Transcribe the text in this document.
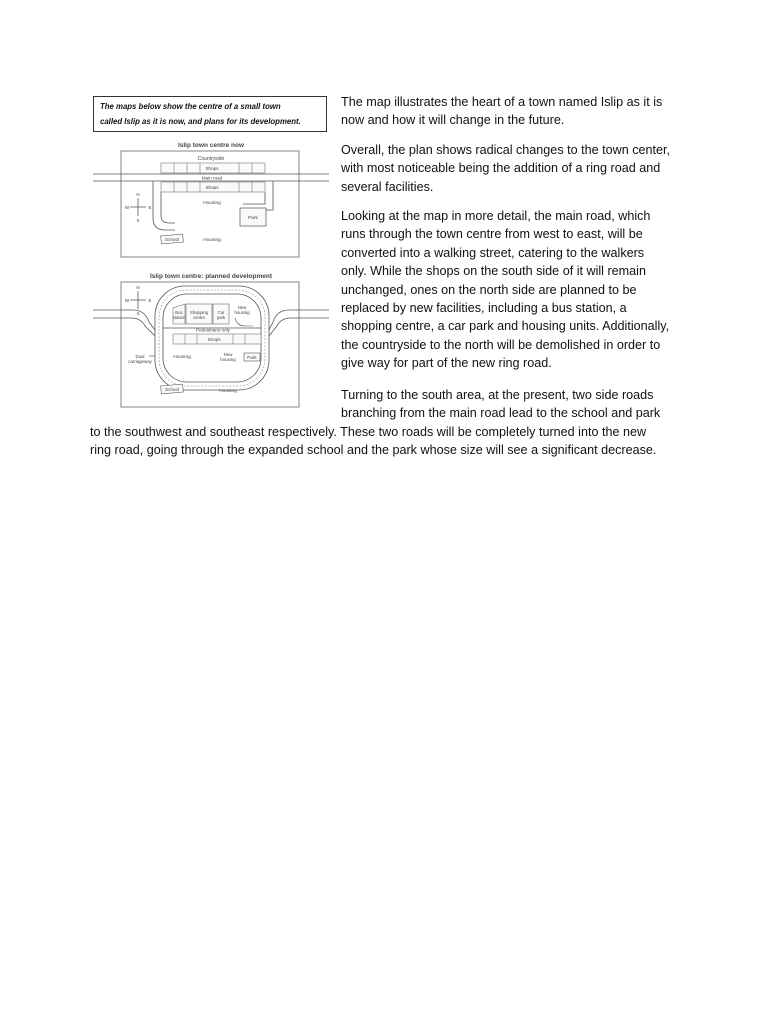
The maps below show the centre of a small town
called Islip as it is now, and plans for its development.
Islip town centre now
Countryside
Shops
Main road
Shops
Housing
Park
School	Housing
N
S
W	E
Islip town centre: planned development
Bus
station
Shopping
centre
Car
park
New
housing
Pedestrians only
Shops
Dual
carriageway
Housing
New
housing	Park
School	Housing
N
S
W	E

The map illustrates the heart of a town named Islip as it is
now and how it will change in the future.

Overall, the plan shows radical changes to the town center,
with most noticeable being the addition of a ring road and
several facilities.

Looking at the map in more detail, the main road, which
runs through the town centre from west to east, will be
converted into a walking street, catering to the walkers
only. While the shops on the south side of it will remain
unchanged, ones on the north side are planned to be
replaced by new facilities, including a bus station, a
shopping centre, a car park and housing units. Additionally,
the countryside to the north will be demolished in order to
give way for part of the new ring road.

Turning to the south area, at the present, two side roads
branching from the main road lead to the school and park

to the southwest and southeast respectively. These two roads will be completely turned into the new
ring road, going through the expanded school and the park whose size will see a significant decrease.
